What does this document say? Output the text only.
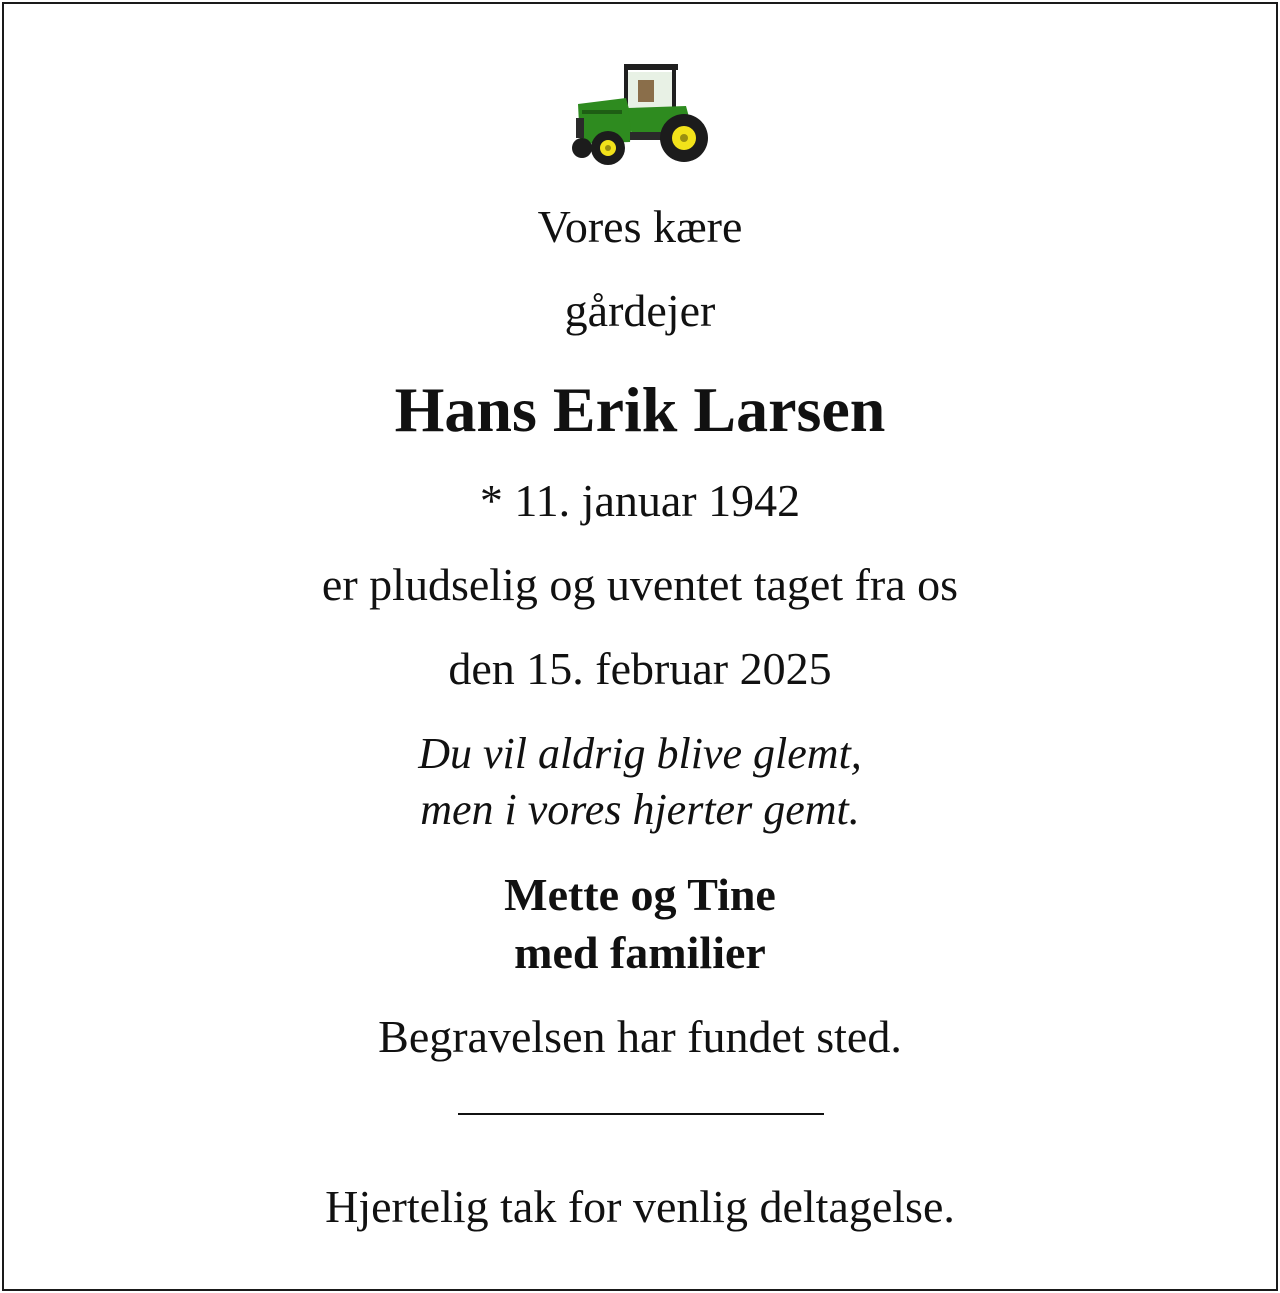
Vores kære
gårdejer
Hans Erik Larsen
* 11. januar 1942
er pludselig og uventet taget fra os
den 15. februar 2025
Du vil aldrig blive glemt,
men i vores hjerter gemt.
Mette og Tine
med familier
Begravelsen har fundet sted.
Hjertelig tak for venlig deltagelse.
